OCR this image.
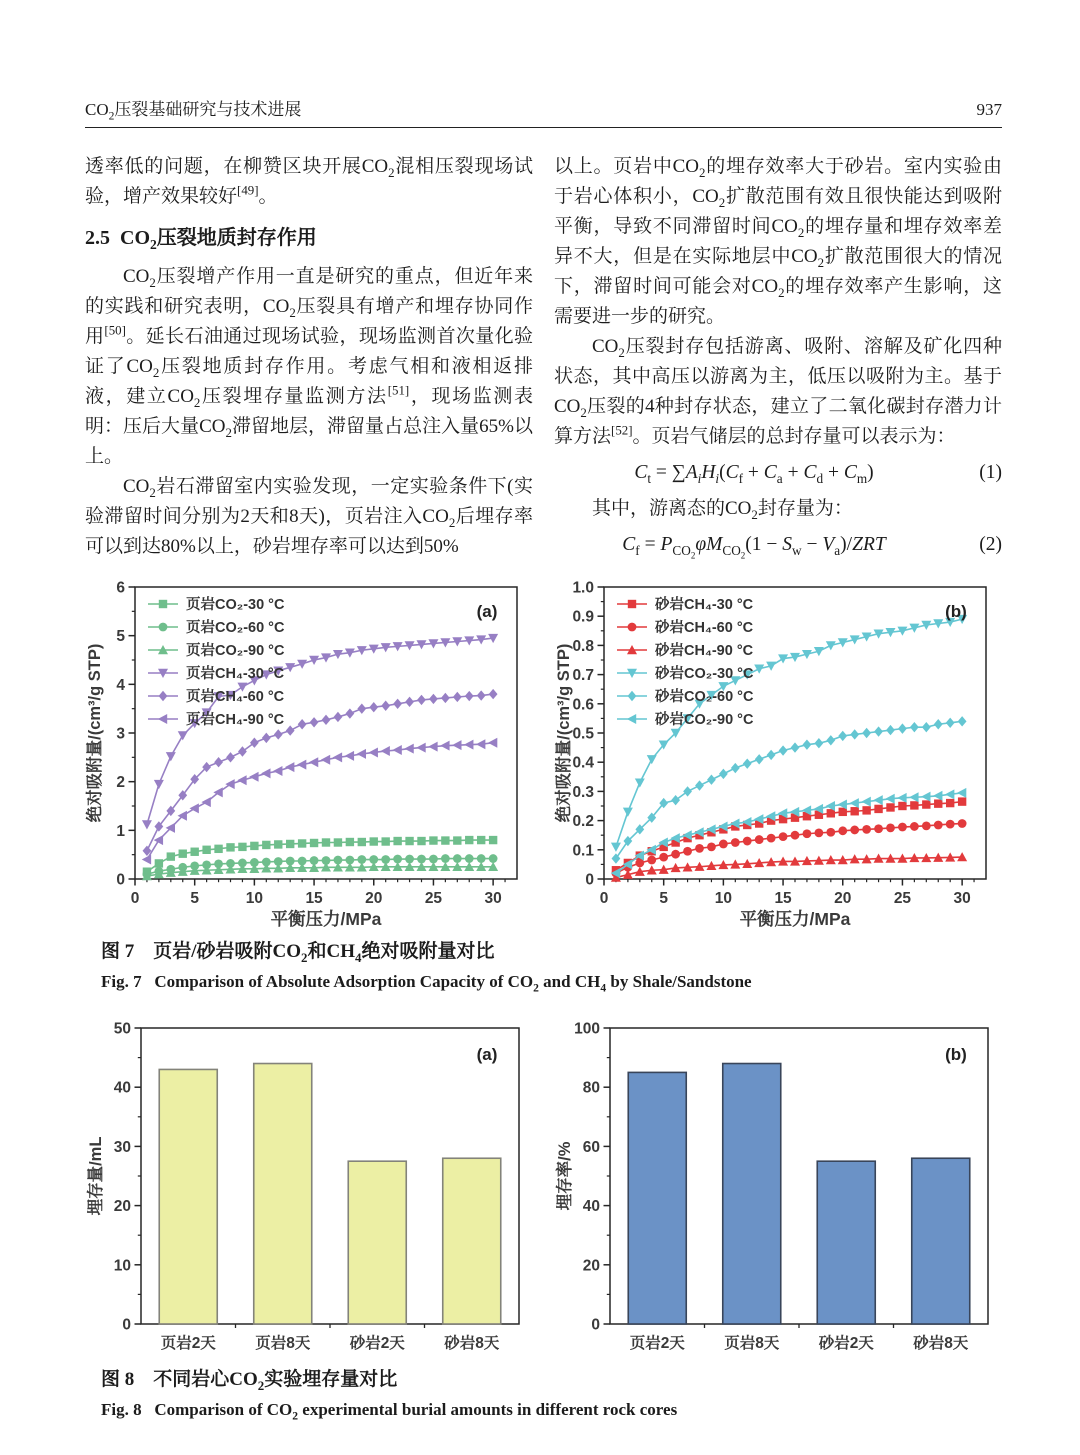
$CO_2$压裂基础研究与技术进展	937

透率低的问题，在柳赞区块开展$CO_2$混相压裂现场试验，增产效果较好[49]。

2.5  $CO_2$压裂地质封存作用

$CO_2$压裂增产作用一直是研究的重点，但近年来的实践和研究表明，$CO_2$压裂具有增产和埋存协同作用[50]。延长石油通过现场试验，现场监测首次量化验证了$CO_2$压裂地质封存作用。考虑气相和液相返排液，建立$CO_2$压裂埋存量监测方法[51]，现场监测表明：压后大量$CO_2$滞留地层，滞留量占总注入量65%以上。

$CO_2$岩石滞留室内实验发现，一定实验条件下(实验滞留时间分别为2天和8天)，页岩注入$CO_2$后埋存率可以到达80%以上，砂岩埋存率可以达到50%

以上。页岩中$CO_2$的埋存效率大于砂岩。室内实验由于岩心体积小，$CO_2$扩散范围有效且很快能达到吸附平衡，导致不同滞留时间$CO_2$的埋存量和埋存效率差异不大，但是在实际地层中$CO_2$扩散范围很大的情况下，滞留时间可能会对$CO_2$的埋存效率产生影响，这需要进一步的研究。

$CO_2$压裂封存包括游离、吸附、溶解及矿化四种状态，其中高压以游离为主，低压以吸附为主。基于$CO_2$压裂的4种封存状态，建立了二氧化碳封存潜力计算方法[52]。页岩气储层的总封存量可以表示为：

$C_t = \sum A_iH_i(C_f + C_a + C_d + C_m)$	(1)

其中，游离态的$CO_2$封存量为：

$C_f = P_{CO_2}\varphi M_{CO_2}(1 - S_w - V_a)/ZRT$	(2)
0	5	10	15	20	25	30
0
1
2
3
4
5
6
平衡压力/MPa
绝对吸附量/(cm³/g STP)
页岩CO₂-30 °C
页岩CO₂-60 °C
页岩CO₂-90 °C
页岩CH₄-30 °C
页岩CH₄-60 °C
页岩CH₄-90 °C
(a)
0	5	10	15	20	25	30
0
0.1
0.2
0.3
0.4
0.5
0.6
0.7
0.8
0.9
1.0
平衡压力/MPa
绝对吸附量/(cm³/g STP)
砂岩CH₄-30 °C
砂岩CH₄-60 °C
砂岩CH₄-90 °C
砂岩CO₂-30 °C
砂岩CO₂-60 °C
砂岩CO₂-90 °C
(b)
图 7　页岩/砂岩吸附$CO_2$和$CH_4$绝对吸附量对比
Fig. 7   Comparison of Absolute Adsorption Capacity of $CO_2$ and $CH_4$ by Shale/Sandstone
0
10
20
30
40
50
页岩2天	页岩8天	砂岩2天	砂岩8天
埋存量/mL
(a)
0
20
40
60
80
100
页岩2天	页岩8天	砂岩2天	砂岩8天
埋存率/%
(b)
图 8　不同岩心$CO_2$实验埋存量对比
Fig. 8   Comparison of $CO_2$ experimental burial amounts in different rock cores
